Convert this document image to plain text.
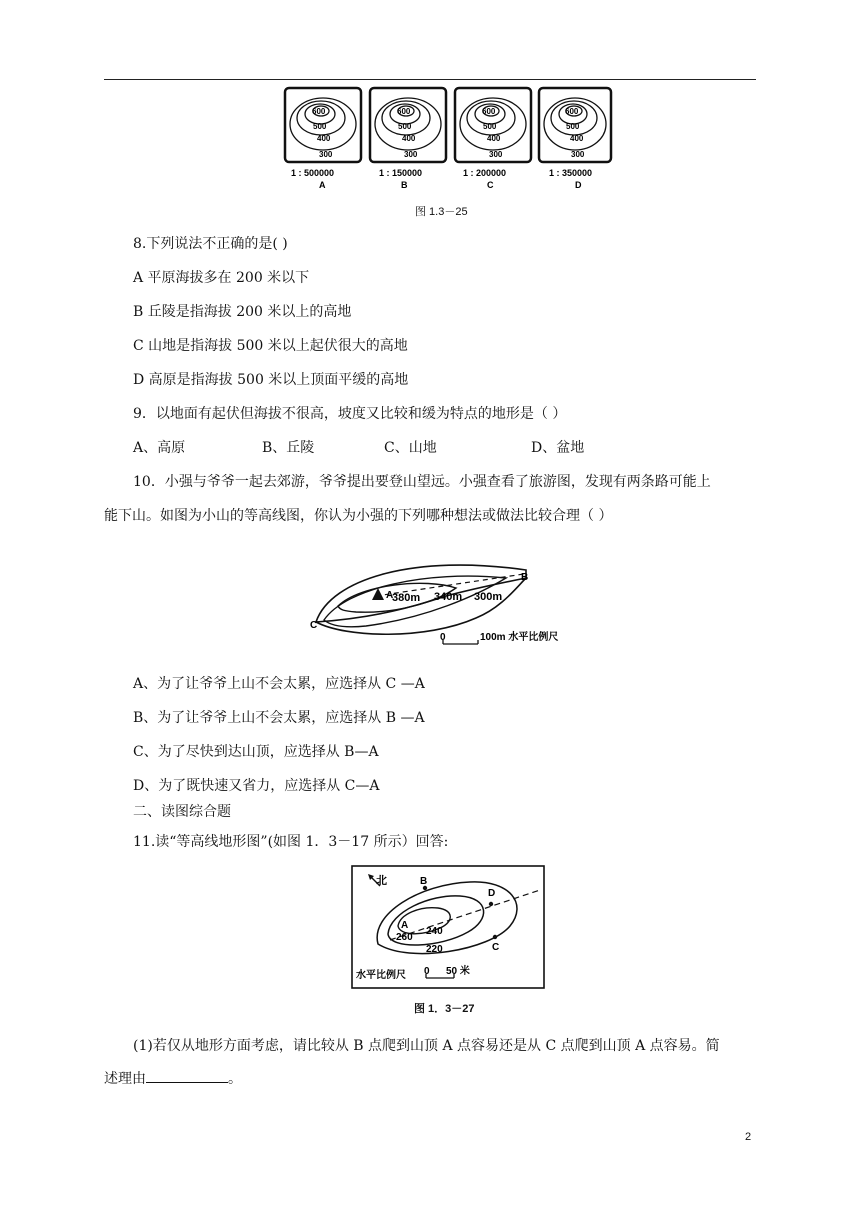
600
500
400
300
600
500
400
300
600
500
400
300
600
500
400
300
1 : 500000
A
1 : 150000
B
1 : 200000
C
1 : 350000
D
图 1.3－25
8.下列说法不正确的是( )
A 平原海拔多在 200 米以下
B 丘陵是指海拔 200 米以上的高地
C 山地是指海拔 500 米以上起伏很大的高地
D 高原是指海拔 500 米以上顶面平缓的高地
9．以地面有起伏但海拔不很高，坡度又比较和缓为特点的地形是（ ）
A、高原	B、丘陵	C、山地	D、盆地
10．小强与爷爷一起去郊游，爷爷提出要登山望远。小强查看了旅游图，发现有两条路可能上
能下山。如图为小山的等高线图，你认为小强的下列哪种想法或做法比较合理（ ）
A
B
C
380m 340m 300m
0	100m 水平比例尺
A、为了让爷爷上山不会太累，应选择从 C —A
B、为了让爷爷上山不会太累，应选择从 B —A
C、为了尽快到达山顶，应选择从 B—A
D、为了既快速又省力，应选择从 C—A
二、读图综合题
11.读“等高线地形图”(如图 1．3－17 所示）回答:
北
A
B
C
D
260
240
220
水平比例尺 0 50 米
图 1．3－27
(1)若仅从地形方面考虑，请比较从 B 点爬到山顶 A 点容易还是从 C 点爬到山顶 A 点容易。简
述理由	。
2
